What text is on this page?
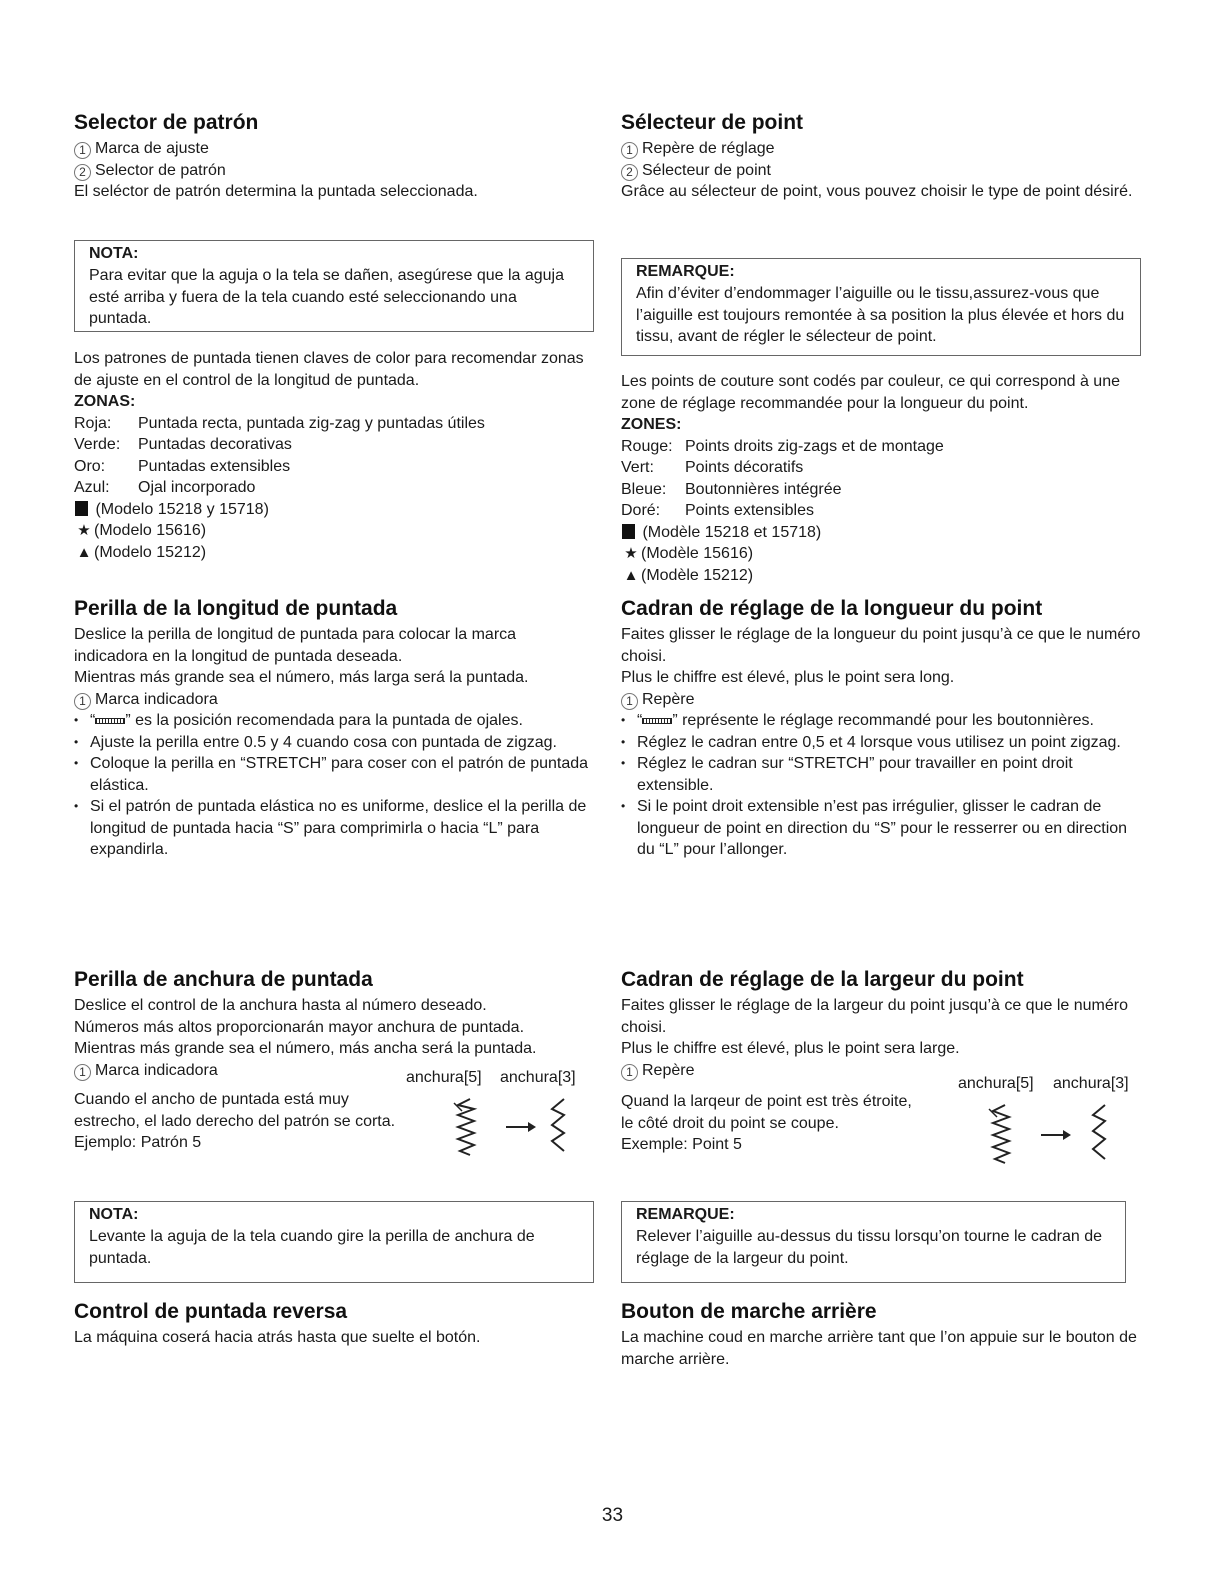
Selector de patrón

1 Marca de ajuste

2 Selector de patrón

El seléctor de patrón determina la puntada seleccionada.

NOTA:

Para evitar que la aguja o la tela se dañen, asegúrese que la aguja esté arriba y fuera de la tela cuando esté seleccionando una puntada.

Los patrones de puntada tienen claves de color para recomendar zonas de ajuste en el control de la longitud de puntada.

ZONAS:

Roja:	Puntada recta, puntada zig-zag y puntadas útiles
Verde:	Puntadas decorativas
Oro:	Puntadas extensibles
Azul:	Ojal incorporado

(Modelo 15218 y 15718)

★ (Modelo 15616)

▲ (Modelo 15212)

Perilla de la longitud de puntada

Deslice la perilla de longitud de puntada para colocar la marca indicadora en la longitud de puntada deseada.

Mientras más grande sea el número, más larga será la puntada.

1 Marca indicadora

• “ ” es la posición recomendada para la puntada de ojales.
• Ajuste la perilla entre 0.5 y 4 cuando cosa con puntada de zigzag.
• Coloque la perilla en “STRETCH” para coser con el patrón de puntada elástica.
• Si el patrón de puntada elástica no es uniforme, deslice el la perilla de longitud de puntada hacia “S” para comprimirla o hacia “L” para expandirla.
Perilla de anchura de puntada

Deslice el control de la anchura hasta al número deseado.

Números más altos proporcionarán mayor anchura de puntada.

Mientras más grande sea el número, más ancha será la puntada.

1 Marca indicadora

Cuando el ancho de puntada está muy

estrecho, el lado derecho del patrón se corta.

Ejemplo: Patrón 5

anchura[5] anchura[3]

NOTA:

Levante la aguja de la tela cuando gire la perilla de anchura de puntada.

Control de puntada reversa

La máquina coserá hacia atrás hasta que suelte el botón.

Sélecteur de point

1 Repère de réglage

2 Sélecteur de point

Grâce au sélecteur de point, vous pouvez choisir le type de point désiré.

REMARQUE:

Afin d’éviter d’endommager l’aiguille ou le tissu,assurez-vous que l’aiguille est toujours remontée à sa position la plus élevée et hors du tissu, avant de régler le sélecteur de point.

Les points de couture sont codés par couleur, ce qui correspond à une zone de réglage recommandée pour la longueur du point.

ZONES:

Rouge: Points droits zig-zags et de montage
Vert:	Points décoratifs
Bleue:	Boutonnières intégrée
Doré:	Points extensibles

(Modèle 15218 et 15718)

★ (Modèle 15616)

▲ (Modèle 15212)

Cadran de réglage de la longueur du point

Faites glisser le réglage de la longueur du point jusqu’à ce que le numéro choisi.

Plus le chiffre est élevé, plus le point sera long.

1 Repère

• “ ” représente le réglage recommandé pour les boutonnières.
• Réglez le cadran entre 0,5 et 4 lorsque vous utilisez un point zigzag.
• Réglez le cadran sur “STRETCH” pour travailler en point droit extensible.
• Si le point droit extensible n’est pas irrégulier, glisser le cadran de longueur de point en direction du “S” pour le resserrer ou en direction du “L” pour l’allonger.
Cadran de réglage de la largeur du point

Faites glisser le réglage de la largeur du point jusqu’à ce que le numéro choisi.

Plus le chiffre est élevé, plus le point sera large.

1 Repère

Quand la larqeur de point est très étroite,

le côté droit du point se coupe.

Exemple: Point 5

anchura[5] anchura[3]

REMARQUE:

Relever l’aiguille au-dessus du tissu lorsqu’on tourne le cadran de réglage de la largeur du point.

Bouton de marche arrière

La machine coud en marche arrière tant que l’on appuie sur le bouton de marche arrière.

33
